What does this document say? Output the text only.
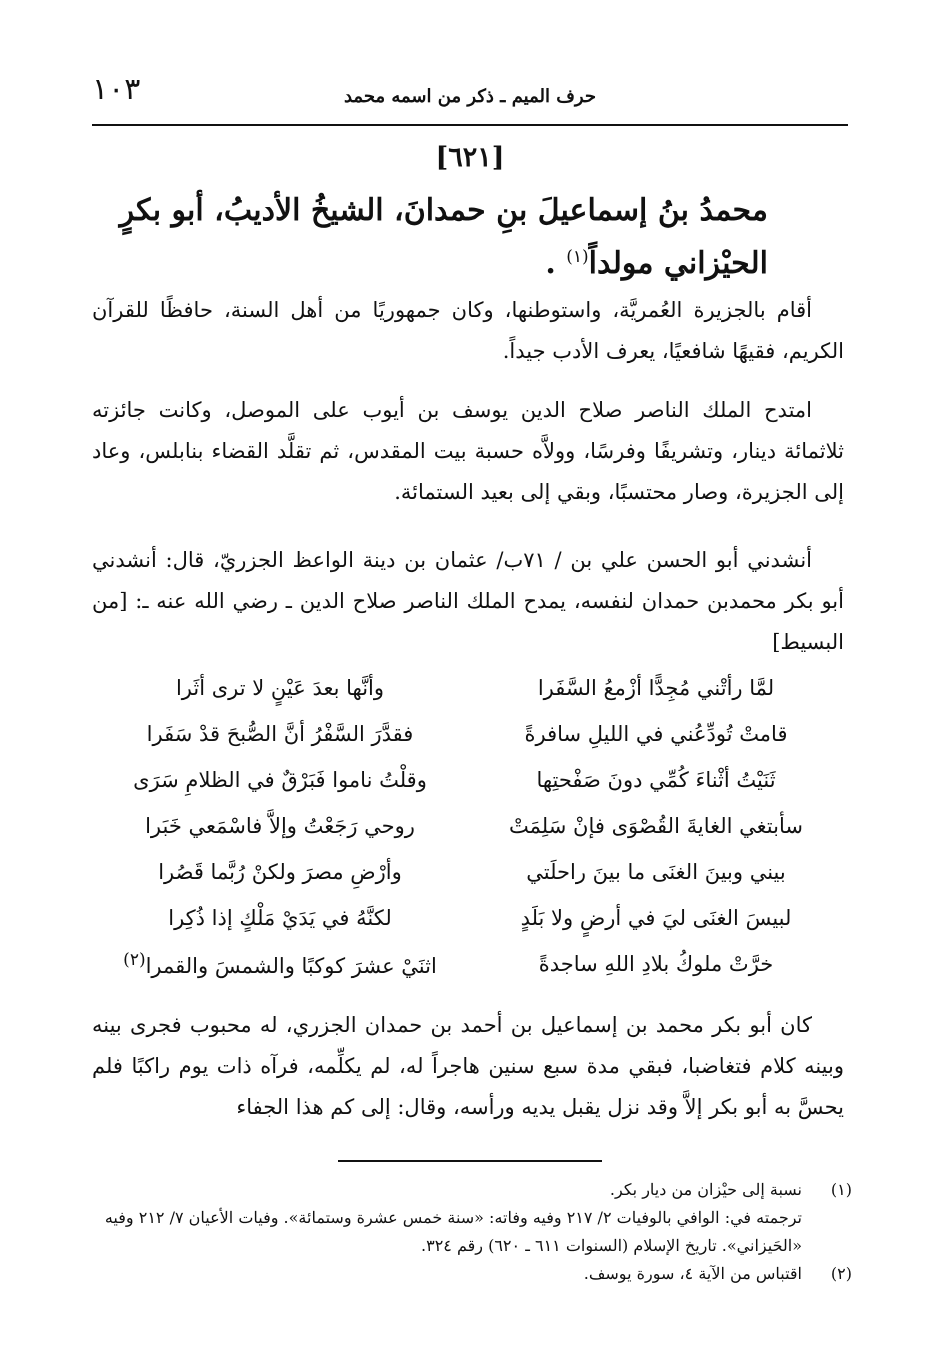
١٠٣	حرف الميم ـ ذكر من اسمه محمد
[٦٢١]

محمدُ بنُ إسماعيلَ بنِ حمدانَ، الشيخُ الأديبُ، أبو بكرٍ

الحيْزاني مولداً$^{(١)}$ .

أقام بالجزيرة العُمريَّة، واستوطنها، وكان جمهوريًا من أهل السنة، حافظًا للقرآن الكريم، فقيهًا شافعيًا، يعرف الأدب جيداً.

امتدح الملك الناصر صلاح الدين يوسف بن أيوب على الموصل، وكانت جائزته ثلاثمائة دينار، وتشريفًا وفرسًا، وولاَّه حسبة بيت المقدس، ثم تقلَّد القضاء بنابلس، وعاد إلى الجزيرة، وصار محتسبًا، وبقي إلى بعيد الستمائة.

أنشدني أبو الحسن علي بن / ٧١ب/ عثمان بن دينة الواعظ الجزريّ، قال: أنشدني أبو بكر محمدبن حمدان لنفسه، يمدح الملك الناصر صلاح الدين ـ رضي الله عنه ـ: [من البسيط]

لمَّا رأتْني مُجِدًّا أزْمعُ السَّفَرا
وأنَّها بعدَ عَيْنٍ لا ترى أثَرا
قامتْ تُودِّعُني في الليلِ سافرةً
فقدَّرَ السَّفْرُ أنَّ الصُّبحَ قدْ سَفَرا
ثَنَيْتُ أثْناءَ كُمِّي دونَ صَفْحتِها
وقلْتُ ناموا فَبَرْقٌ في الظلامِ سَرَى
سأبتغي الغايةَ القُصْوَى فإنْ سَلِمَتْ
روحي رَجَعْتُ وإلاَّ فاسْمَعي خَبَرا
بيني وبينَ الغنَى ما بينَ راحلَتي
وأرْضِ مصرَ ولكنْ رُبَّما قَصُرا
لبيسَ الغنَى ليَ في أرضٍ ولا بَلَدٍ
لكنَّهُ في يَدَيْ مَلْكٍ إذا ذُكِرا
خرَّتْ ملوكُ بلادِ اللهِ ساجدةً
اثنَيْ عشرَ كوكبًا والشمسَ والقمرا$^{(٢)}$

كان أبو بكر محمد بن إسماعيل بن أحمد بن حمدان الجزري، له محبوب فجرى بينه وبينه كلام فتغاضبا، فبقي مدة سبع سنين هاجراً له، لم يكلِّمه، فرآه ذات يوم راكبًا فلم يحسَّ به أبو بكر إلاَّ وقد نزل يقبل يديه ورأسه، وقال: إلى كم هذا الجفاء

(١)

نسبة إلى حيْزان من ديار بكر.

ترجمته في: الوافي بالوفيات ٢/ ٢١٧ وفيه وفاته: «سنة خمس عشرة وستمائة». وفيات الأعيان ٧/ ٢١٢ وفيه «الحَيزاني». تاريخ الإسلام (السنوات ٦١١ ـ ٦٢٠) رقم ٣٢٤.

(٢)

اقتباس من الآية ٤، سورة يوسف.
